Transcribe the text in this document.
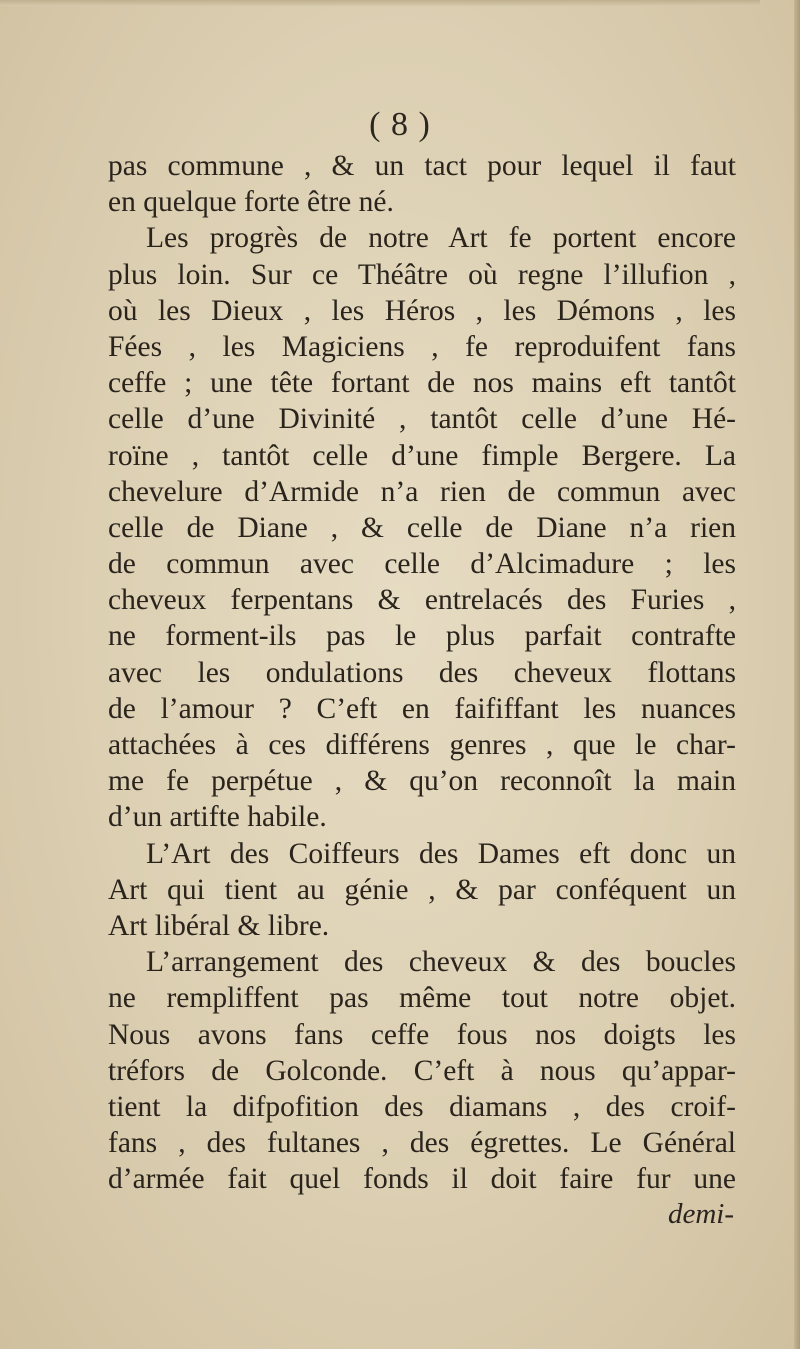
( 8 )
pas commune , & un tact pour lequel il faut
en quelque forte être né.
Les progrès de notre Art fe portent encore
plus loin. Sur ce Théâtre où regne l’illufion ,
où les Dieux , les Héros , les Démons , les
Fées , les Magiciens , fe reproduifent fans
ceffe ; une tête fortant de nos mains eft tantôt
celle d’une Divinité , tantôt celle d’une Hé-
roïne , tantôt celle d’une fimple Bergere. La
chevelure d’Armide n’a rien de commun avec
celle de Diane , & celle de Diane n’a rien
de commun avec celle d’Alcimadure ; les
cheveux ferpentans & entrelacés des Furies ,
ne forment-ils pas le plus parfait contrafte
avec les ondulations des cheveux flottans
de l’amour ? C’eft en faififfant les nuances
attachées à ces différens genres , que le char-
me fe perpétue , & qu’on reconnoît la main
d’un artifte habile.
L’Art des Coiffeurs des Dames eft donc un
Art qui tient au génie , & par conféquent un
Art libéral & libre.
L’arrangement des cheveux & des boucles
ne rempliffent pas même tout notre objet.
Nous avons fans ceffe fous nos doigts les
tréfors de Golconde. C’eft à nous qu’appar-
tient la difpofition des diamans , des croif-
fans , des fultanes , des égrettes. Le Général
d’armée fait quel fonds il doit faire fur une
demi-
